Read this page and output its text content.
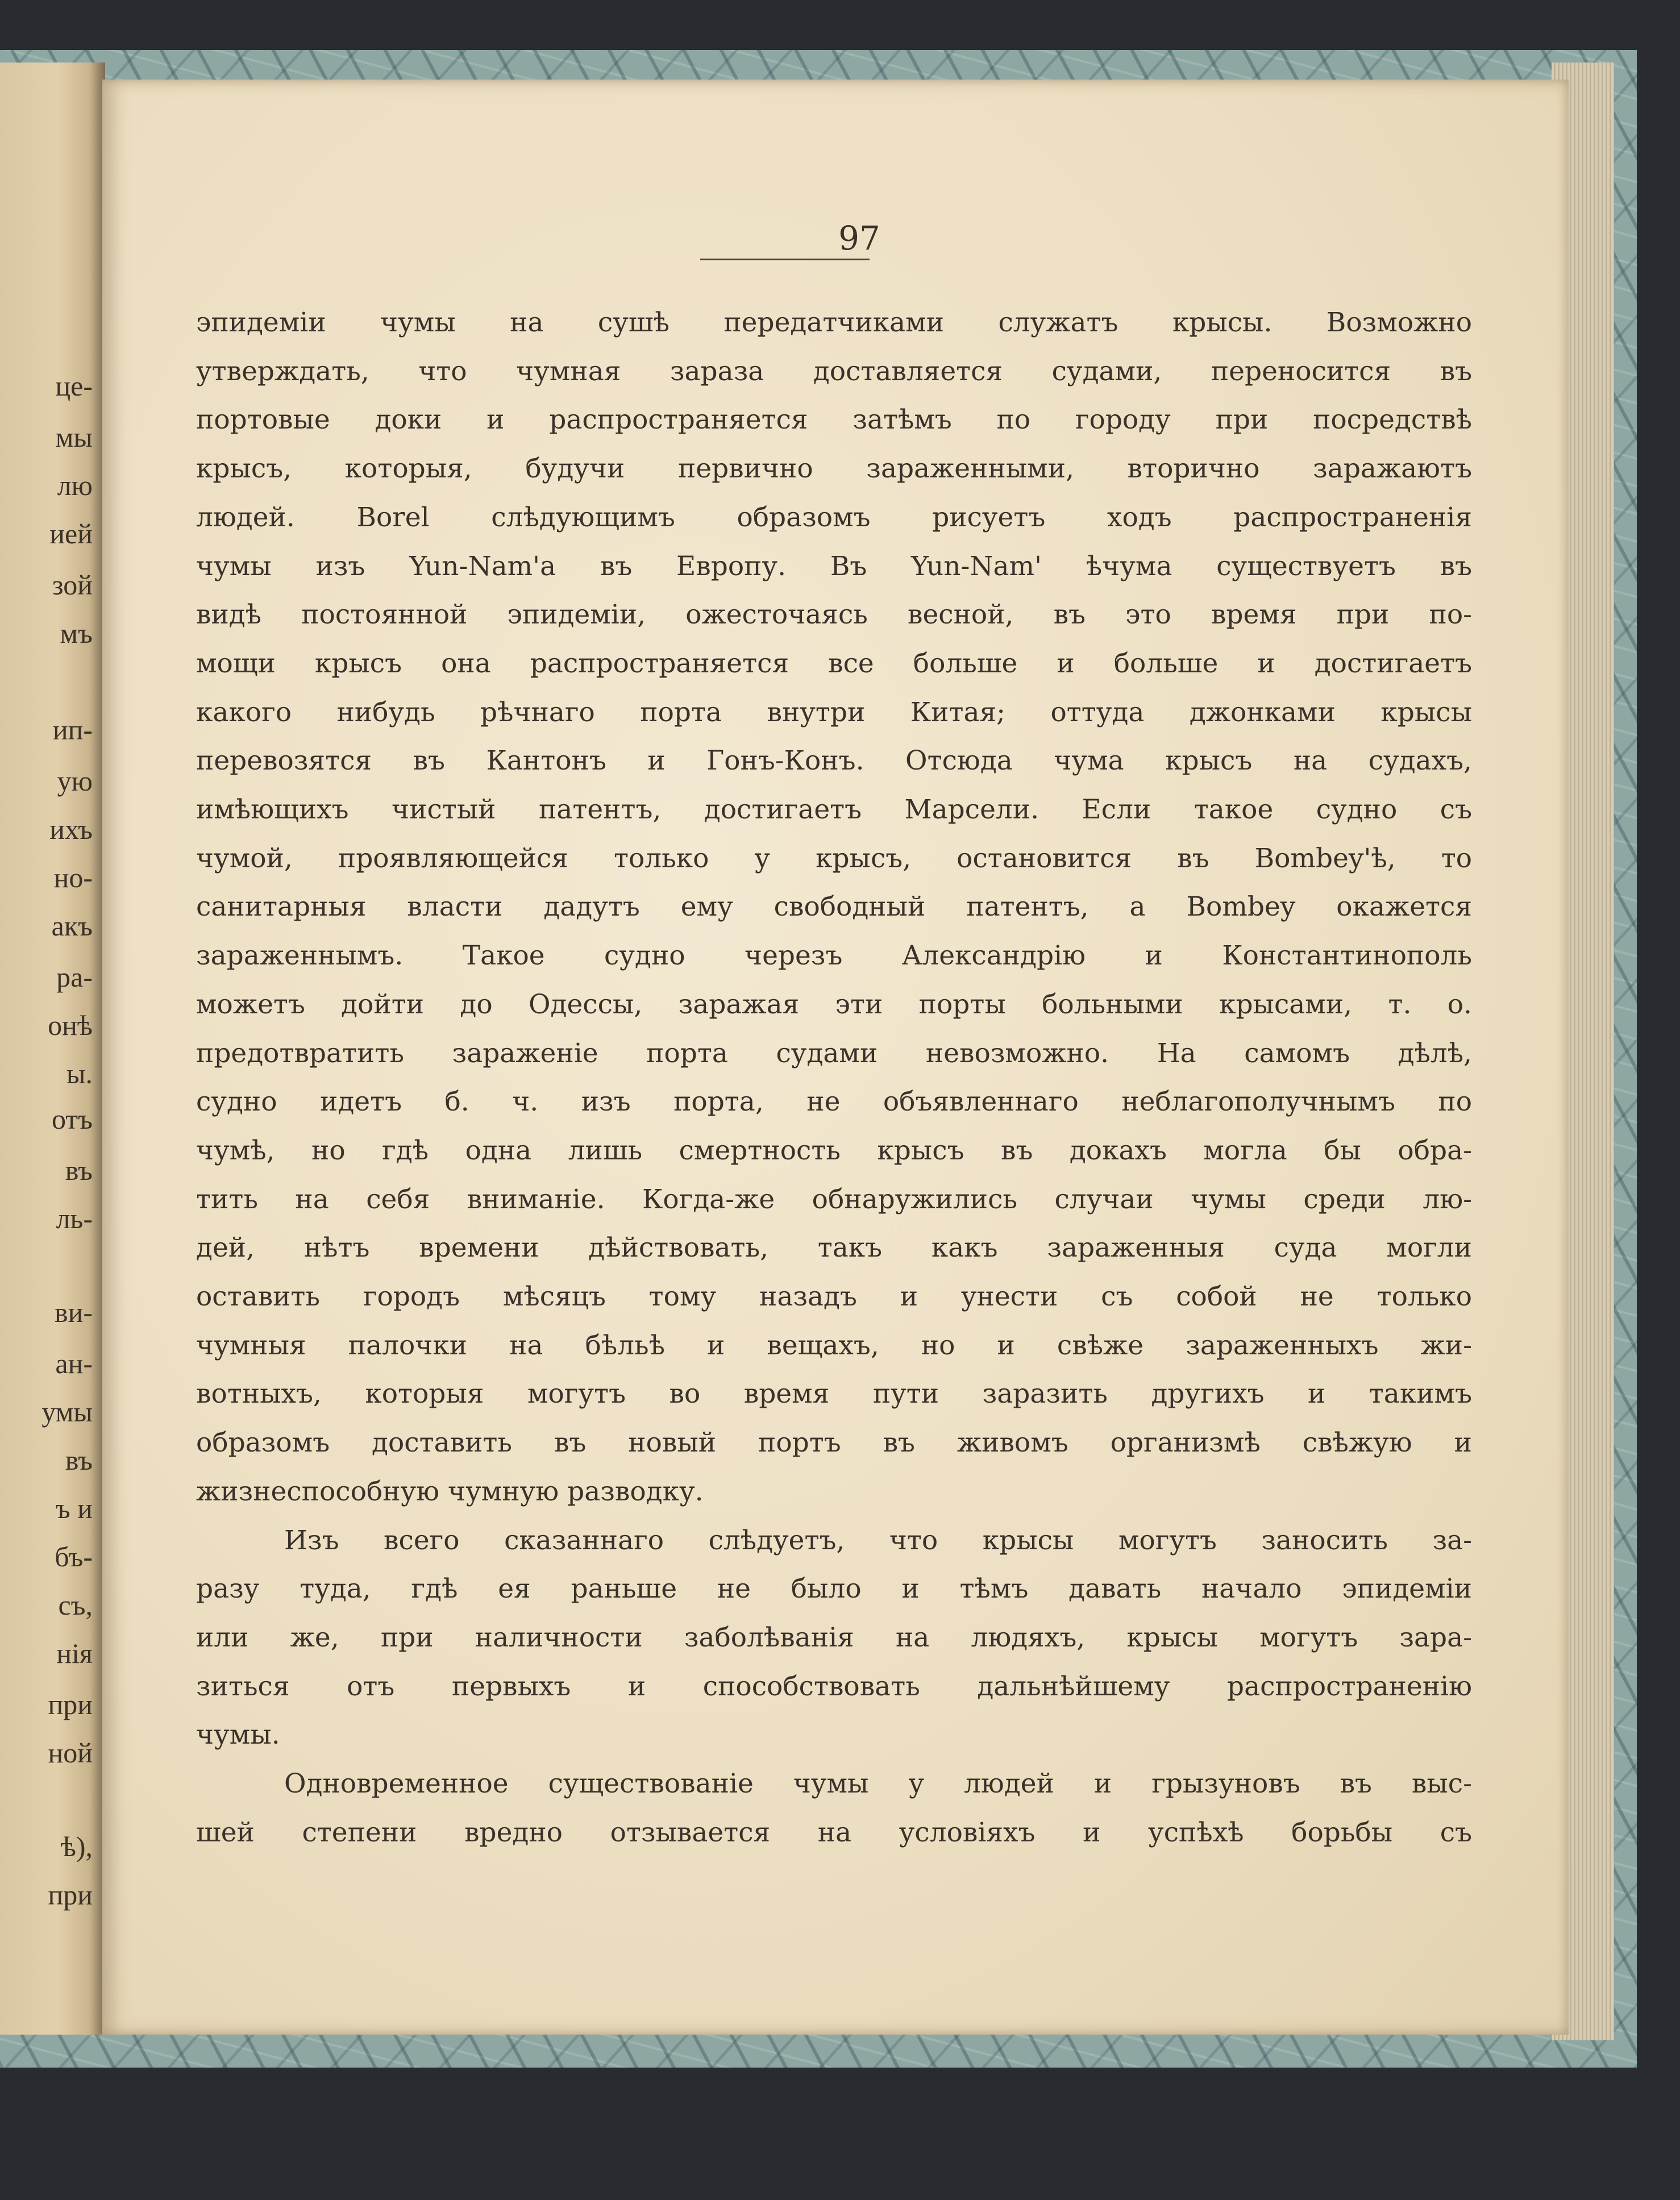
це-
мы
лю
ией
зой
мъ
ип-
ую
ихъ
но-
акъ
ра-
онѣ
ы.
отъ
въ
ль-
ви-
ан-
умы
въ
ъ и
бъ-
съ,
нія
при
ной
ѣ),
при
97

эпидеміи чумы на сушѣ передатчиками служатъ крысы. Возможно

утверждать, что чумная зараза доставляется судами, переносится въ

портовые доки и распространяется затѣмъ по городу при посредствѣ

крысъ, которыя, будучи первично зараженными, вторично заражаютъ

людей. Borel слѣдующимъ образомъ рисуетъ ходъ распространенія

чумы изъ Yun-Nam'a въ Европу. Въ Yun-Nam' ѣчума существуетъ въ

видѣ постоянной эпидеміи, ожесточаясь весной, въ это время при по-

мощи крысъ она распространяется все больше и больше и достигаетъ

какого нибудь рѣчнаго порта внутри Китая; оттуда джонками крысы

перевозятся въ Кантонъ и Гонъ-Конъ. Отсюда чума крысъ на судахъ,

имѣющихъ чистый патентъ, достигаетъ Марсели. Если такое судно съ

чумой, проявляющейся только у крысъ, остановится въ Bombey'ѣ, то

санитарныя власти дадутъ ему свободный патентъ, а Bombey окажется

зараженнымъ. Такое судно черезъ Александрію и Константинополь

можетъ дойти до Одессы, заражая эти порты больными крысами, т. о.

предотвратить зараженіе порта судами невозможно. На самомъ дѣлѣ,

судно идетъ б. ч. изъ порта, не объявленнаго неблагополучнымъ по

чумѣ, но гдѣ одна лишь смертность крысъ въ докахъ могла бы обра-

тить на себя вниманіе. Когда-же обнаружились случаи чумы среди лю-

дей, нѣтъ времени дѣйствовать, такъ какъ зараженныя суда могли

оставить городъ мѣсяцъ тому назадъ и унести съ собой не только

чумныя палочки на бѣльѣ и вещахъ, но и свѣже зараженныхъ жи-

вотныхъ, которыя могутъ во время пути заразить другихъ и такимъ

образомъ доставить въ новый портъ въ живомъ организмѣ свѣжую и

жизнеспособную чумную разводку.

Изъ всего сказаннаго слѣдуетъ, что крысы могутъ заносить за-

разу туда, гдѣ ея раньше не было и тѣмъ давать начало эпидеміи

или же, при наличности заболѣванія на людяхъ, крысы могутъ зара-

зиться отъ первыхъ и способствовать дальнѣйшему распространенію

чумы.

Одновременное существованіе чумы у людей и грызуновъ въ выс-

шей степени вредно отзывается на условіяхъ и успѣхѣ борьбы съ
